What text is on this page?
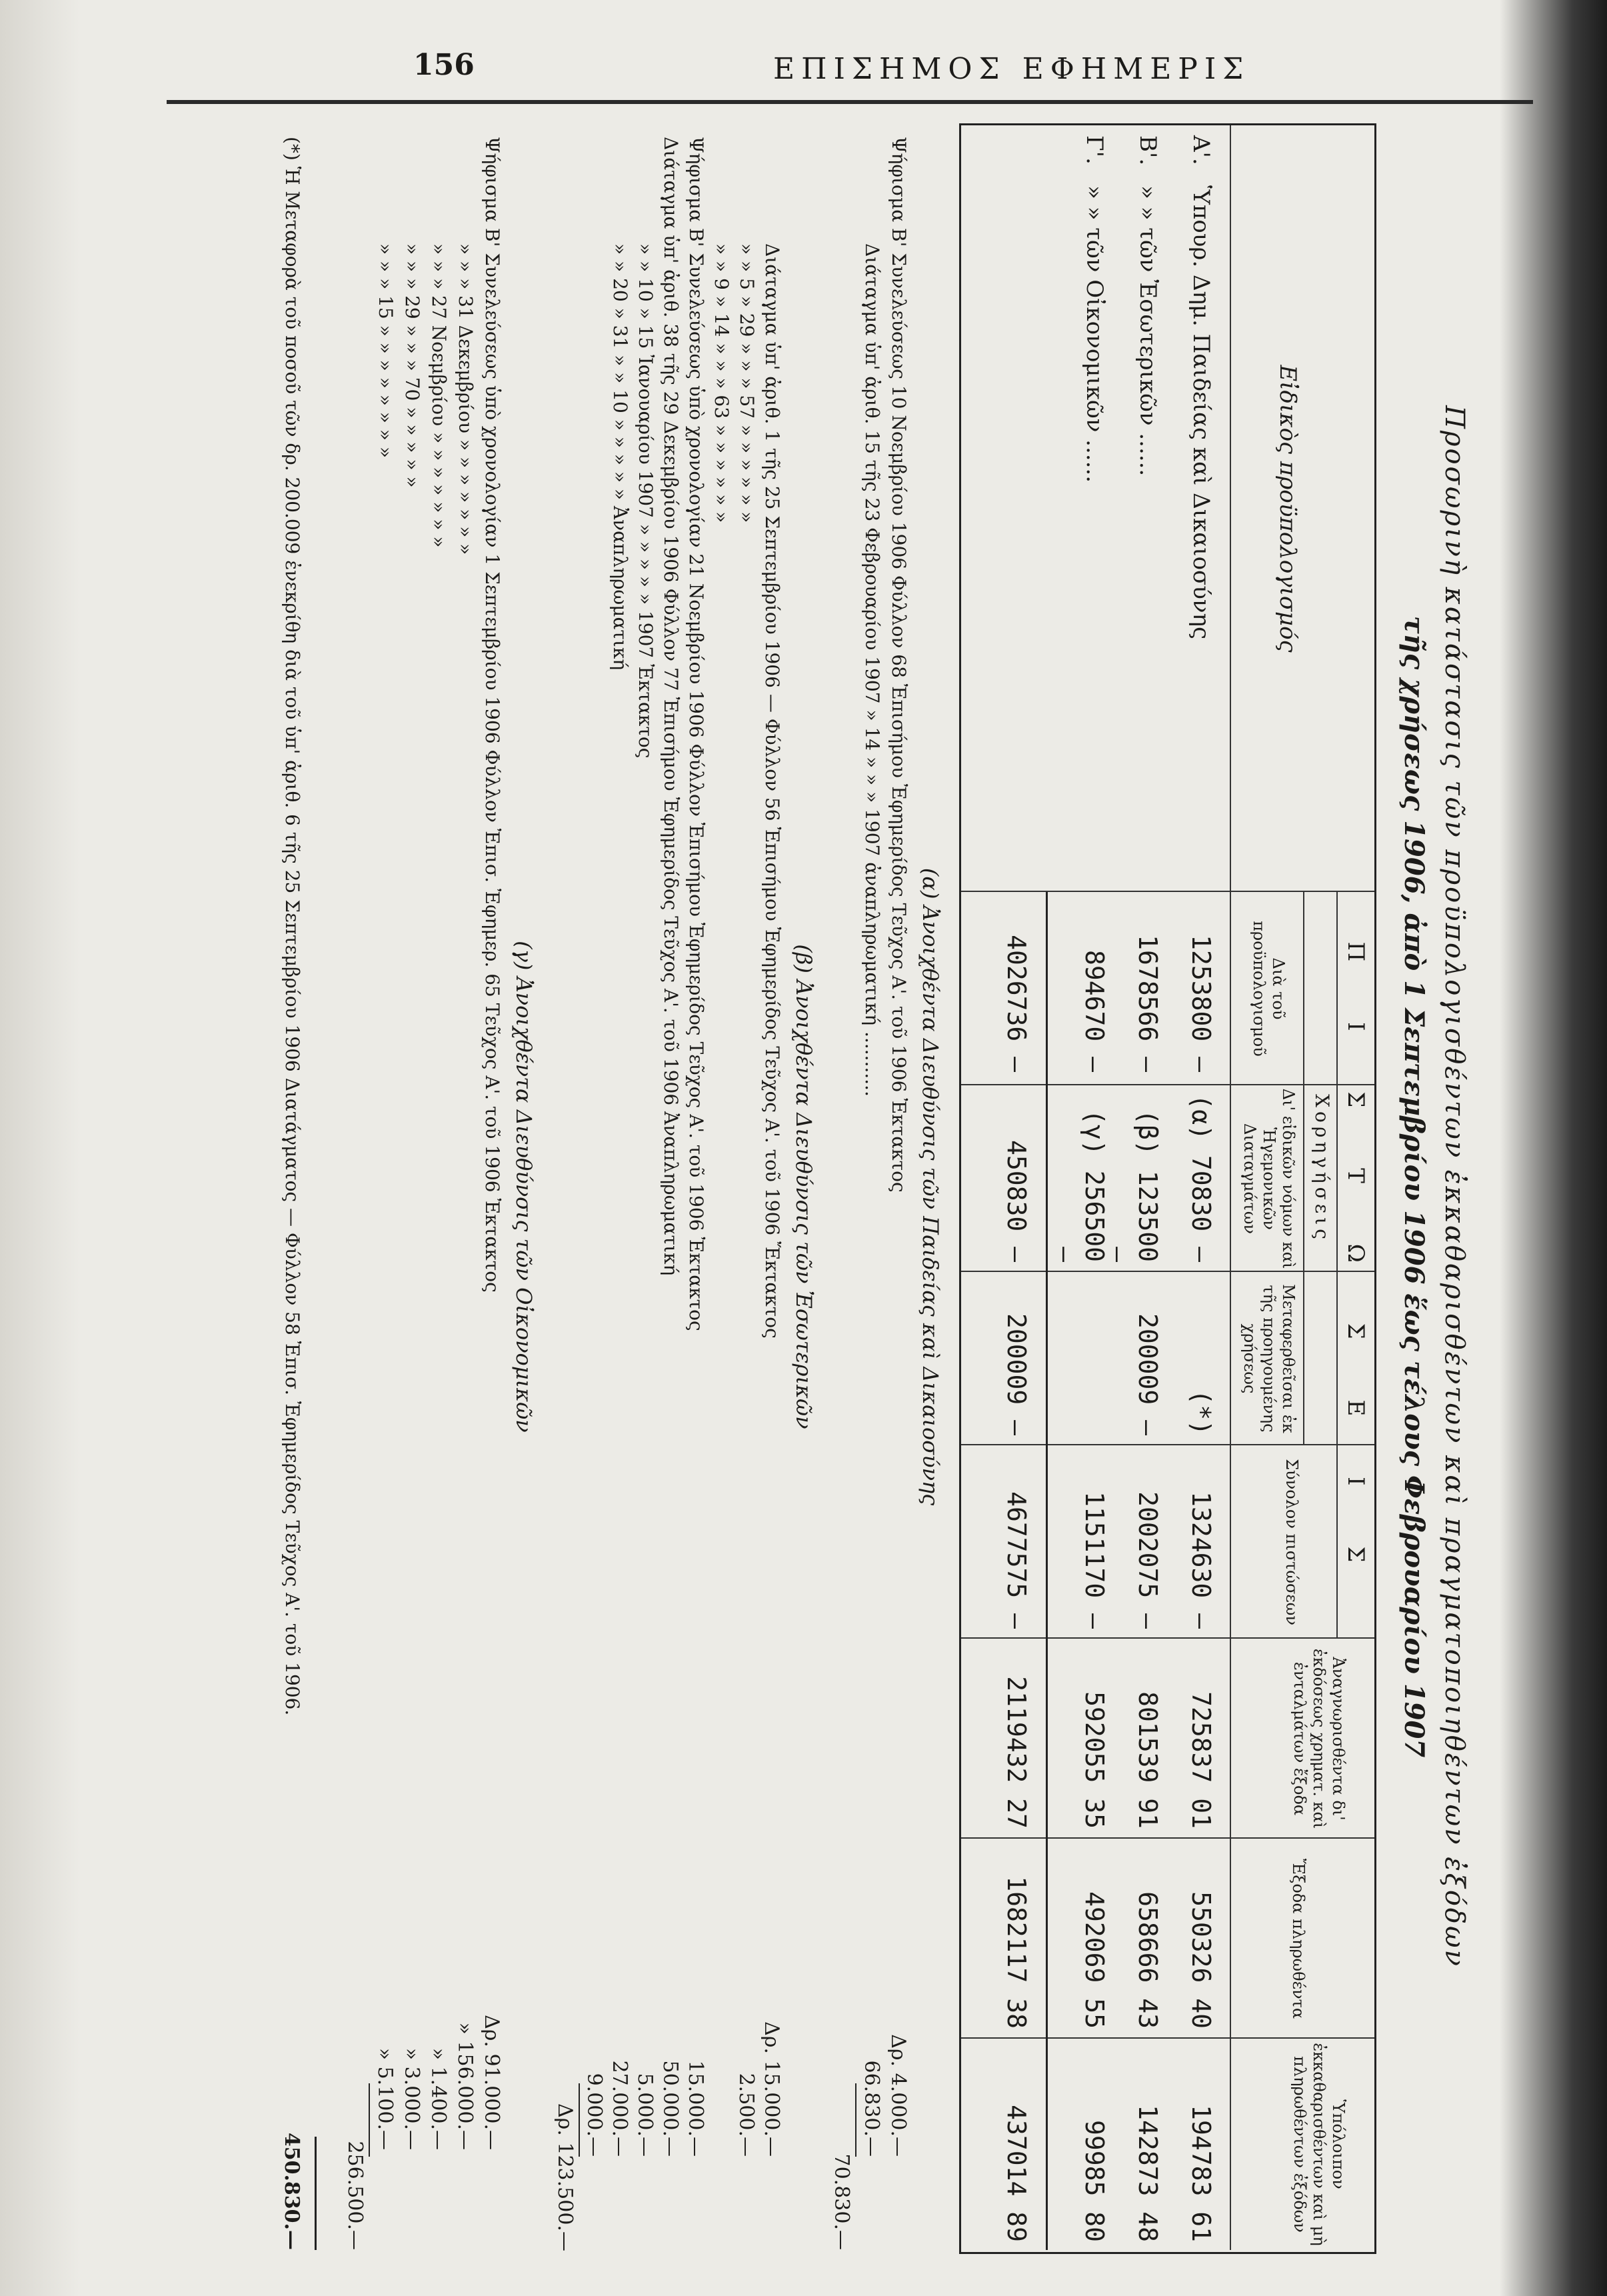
156	ΕΠΙΣΗΜΟΣ ΕΦΗΜΕΡΙΣ
Προσωρινὴ κατάστασις τῶν προϋπολογισθέντων ἐκκαθαρισθέντων καὶ πραγματοποιηθέντων ἐξόδων
τῆς χρήσεως 1906, ἀπὸ 1 Σεπτεμβρίου 1906 ἕως τέλους Φεβρουαρίου 1907
Εἰδικὸς προϋπολογισμός
Π Ι Σ Τ Ω Σ Ε Ι Σ
Χορηγήσεις
Διὰ τοῦ προϋπολογισμοῦ
Δι' εἰδικῶν νόμων καὶ Ἡγεμονικῶν Διαταγμάτων
Μεταφερθεῖσαι ἐκ τῆς προηγουμένης χρήσεως
Σύνολον πιστώσεων
Ἀναγνωρισθέντα δι' ἐκδόσεως χρηματ. καὶ ἐνταλμάτων ἔξοδα
Ἔξοδα πληρωθέντα
Ὑπόλοιπον ἐκκαθαρισθέντων καὶ μὴ πληρωθέντων ἐξόδων
Α'.
Ὑπουρ. Δημ. Παιδείας καὶ Δικαιοσύνης
1253800 —
(α) 70830 —
(*)
1324630 —
725837 01
550326 40
194783 61
Β'.
» » τῶν Ἐσωτερικῶν ......
1678566 —
(β) 123500 —
200009 —
2002075 —
801539 91
658666 43
142873 48
Γ'.
» » τῶν Οἰκονομικῶν ......
894670 —
(γ) 256500 —
1151170 —
592055 35
492069 55
99985 80
4026736 —
450830 —
200009 —
4677575 —
2119432 27
1682117 38
437014 89
(α) Ἀνοιχθέντα Διευθύνσις τῶν Παιδείας καὶ Δικαιοσύνης
Ψήφισμα Β' Συνελεύσεως 10 Νοεμβρίου 1906 Φύλλον 68 Ἐπισήμου Ἐφημερίδος Τεῦχος Α'. τοῦ 1906 Ἐκτακτος
Διάταγμα ὑπ' ἀριθ. 15 τῆς 23 Φεβρουαρίου 1907 » 14 » » » 1907 ἀναπληρωματική ...........
Δρ. 4.000.—
66.830.—
70.830.—
(β) Ἀνοιχθέντα Διευθύνσις τῶν Ἐσωτερικῶν
Διάταγμα ὑπ' ἀριθ. 1 τῆς 25 Σεπτεμβρίου 1906 — Φύλλον 56 Ἐπισήμου Ἐφημερίδος Τεῦχος Α'. τοῦ 1906 Ἔκτακτος
» » 5 » 29 » » » 57 » » » » » »
» » 9 » 14 » » » 63 » » » » » »
Ψήφισμα Β' Συνελεύσεως ὑπὸ χρονολογίαν 21 Νοεμβρίου 1906 Φύλλον Ἐπισήμου Ἐφημερίδος Τεῦχος Α'. τοῦ 1906 Ἐκτακτος
Διάταγμα ὑπ' ἀριθ. 38 τῆς 29 Δεκεμβρίου 1906 Φύλλον 77 Ἐπισήμου Ἐφημερίδος Τεῦχος Α'. τοῦ 1906 Ἀναπληρωματική
» » 10 » 15 Ἰανουαρίου 1907 » » » » » 1907 Ἐκτακτος
» » 20 » 31 » » 10 » » » » » Ἀναπληρωματική
Δρ. 15.000.—
2.500.—
15.000.—
50.000.—
5.000.—
27.000.—
9.000.—
Δρ. 123.500.—
(γ) Ἀνοιχθέντα Διευθύνσις τῶν Οἰκονομικῶν
Ψήφισμα Β' Συνελεύσεως ὑπὸ χρονολογίαν 1 Σεπτεμβρίου 1906 Φύλλον Ἐπισ. Ἐφημερ. 65 Τεῦχος Α'. τοῦ 1906 Ἐκτακτος
» » » 31 Δεκεμβρίου » » » » » » »
» » » 27 Νοεμβρίου » » » » » » »
» » » 29 » » » 70 » » » » »
» » » 15 » » » » » » » »
Δρ. 91.000.—
» 156.000.—
» 1.400.—
» 3.000.—
» 5.100.—
256.500.—
(*) Ἡ Μεταφορὰ τοῦ ποσοῦ τῶν δρ. 200.009 ἐνεκρίθη διὰ τοῦ ὑπ' ἀριθ. 6 τῆς 25 Σεπτεμβρίου 1906 Διατάγματος — Φύλλον 58 Ἐπισ. Ἐφημερίδος Τεῦχος Α'. τοῦ 1906.
450.830.—
